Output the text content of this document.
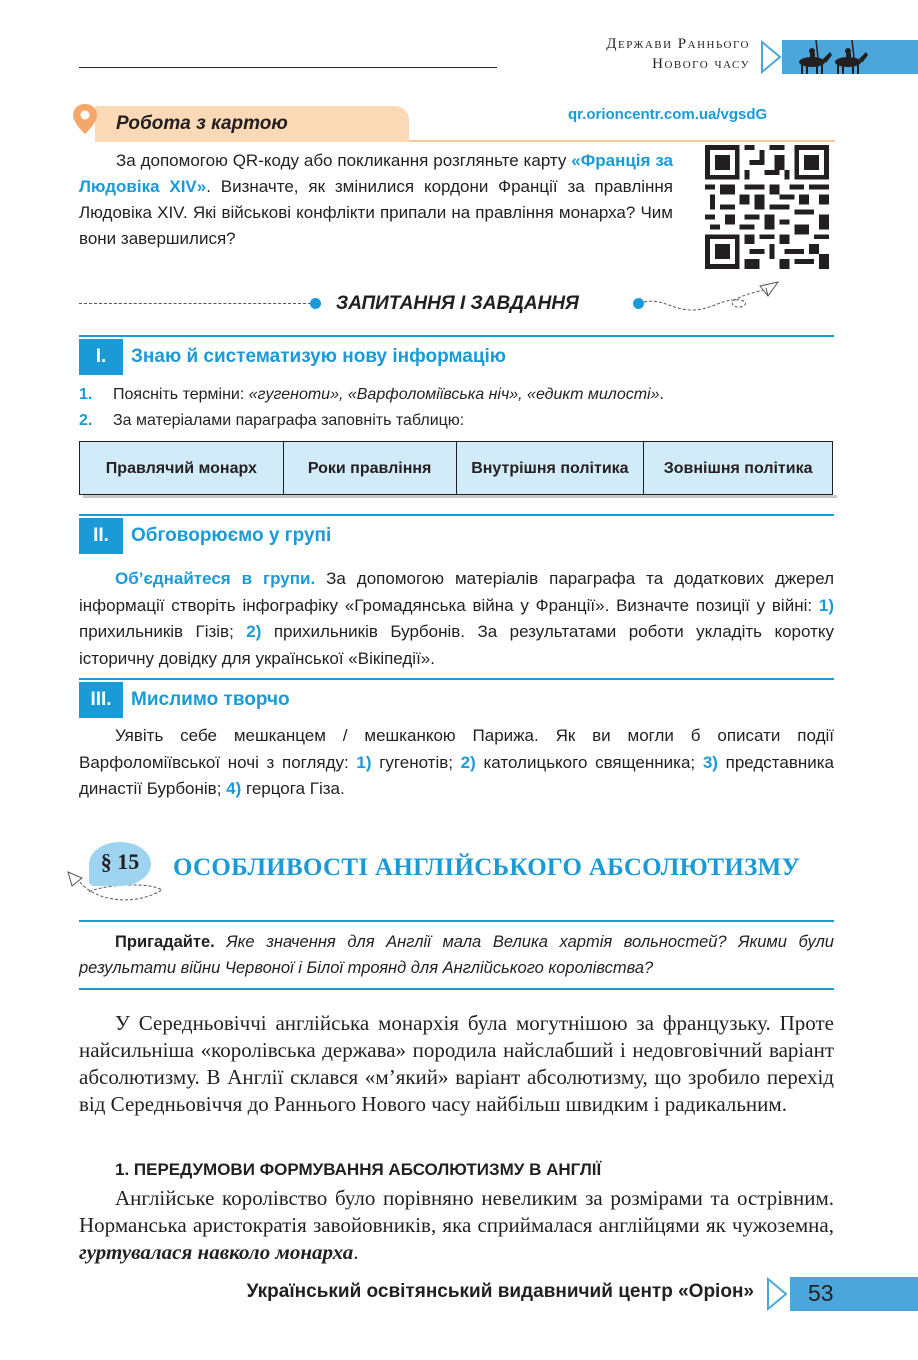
Держави Раннього
Нового часу
Робота з картою	qr.orioncentr.com.ua/vgsdG
За допомогою QR-коду або покликання розгляньте карту «Франція за Людовіка XIV». Визначте, як змінилися кордони Франції за правління Людовіка XIV. Які військові конфлікти припали на правління монарха? Чим вони завершилися?
ЗАПИТАННЯ І ЗАВДАННЯ
I.	Знаю й систематизую нову інформацію
1. Поясніть терміни: «гугеноти», «Варфоломіївська ніч», «едикт милості».
2. За матеріалами параграфа заповніть таблицю:
Правлячий монарх	Роки правління	Внутрішня політика	Зовнішня політика
II.	Обговорюємо у групі
Об’єднайтеся в групи. За допомогою матеріалів параграфа та додаткових джерел інформації створіть інфографіку «Громадянська війна у Франції». Визначте позиції у війні: 1) прихильників Гізів; 2) прихильників Бурбонів. За результатами роботи укладіть коротку історичну довідку для української «Вікіпедії».
III.	Мислимо творчо
Уявіть себе мешканцем / мешканкою Парижа. Як ви могли б описати події Варфоломіївської ночі з погляду: 1) гугенотів; 2) католицького священника; 3) представника династії Бурбонів; 4) герцога Гіза.
§ 15	ОСОБЛИВОСТІ АНГЛІЙСЬКОГО АБСОЛЮТИЗМУ
Пригадайте. Яке значення для Англії мала Велика хартія вольностей? Якими були результати війни Червоної і Білої троянд для Англійського королівства?
У Середньовіччі англійська монархія була могутнішою за французьку. Проте найсильніша «королівська держава» породила найслабший і недовговічний варіант абсолютизму. В Англії склався «м’який» варіант абсолютизму, що зробило перехід від Середньовіччя до Раннього Нового часу найбільш швидким і радикальним.
1. ПЕРЕДУМОВИ ФОРМУВАННЯ АБСОЛЮТИЗМУ В АНГЛІЇ
Англійське королівство було порівняно невеликим за розмірами та острівним. Норманська аристократія завойовників, яка сприймалася англійцями як чужоземна, гуртувалася навколо монарха.
Український освітянський видавничий центр «Оріон» 53
